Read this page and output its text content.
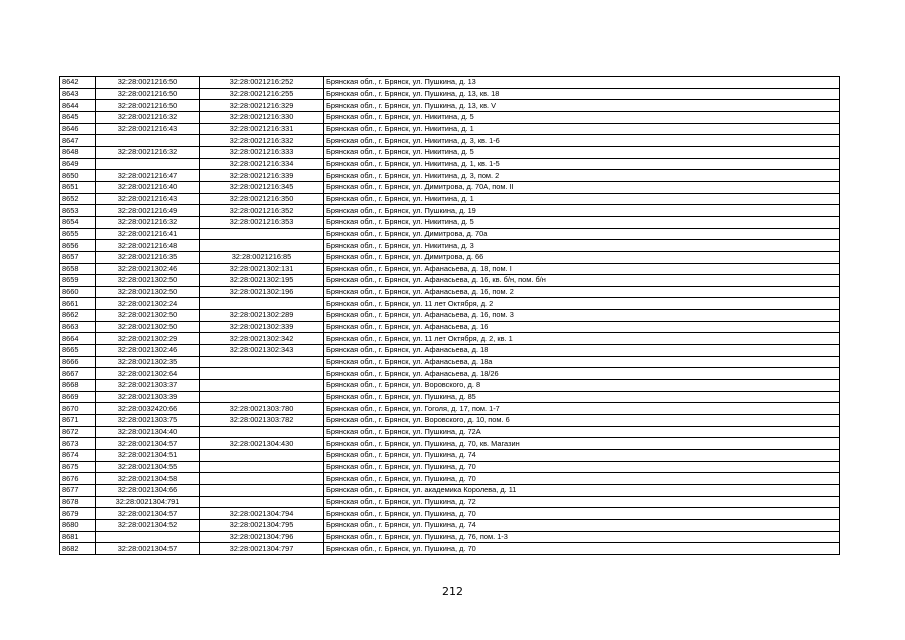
8642	32:28:0021216:50	32:28:0021216:252	Брянская обл., г. Брянск, ул. Пушкина, д. 13
8643	32:28:0021216:50	32:28:0021216:255	Брянская обл., г. Брянск, ул. Пушкина, д. 13, кв. 18
8644	32:28:0021216:50	32:28:0021216:329	Брянская обл., г. Брянск, ул. Пушкина, д. 13, кв. V
8645	32:28:0021216:32	32:28:0021216:330	Брянская обл., г. Брянск, ул. Никитина, д. 5
8646	32:28:0021216:43	32:28:0021216:331	Брянская обл., г. Брянск, ул. Никитина, д. 1
8647		32:28:0021216:332	Брянская обл., г. Брянск, ул. Никитина, д. 3, кв. 1-6
8648	32:28:0021216:32	32:28:0021216:333	Брянская обл., г. Брянск, ул. Никитина, д. 5
8649		32:28:0021216:334	Брянская обл., г. Брянск, ул. Никитина, д. 1, кв. 1-5
8650	32:28:0021216:47	32:28:0021216:339	Брянская обл., г. Брянск, ул. Никитина, д. 3, пом. 2
8651	32:28:0021216:40	32:28:0021216:345	Брянская обл., г. Брянск, ул. Димитрова, д. 70А, пом. II
8652	32:28:0021216:43	32:28:0021216:350	Брянская обл., г. Брянск, ул. Никитина, д. 1
8653	32:28:0021216:49	32:28:0021216:352	Брянская обл., г. Брянск, ул. Пушкина, д. 19
8654	32:28:0021216:32	32:28:0021216:353	Брянская обл., г. Брянск, ул. Никитина, д. 5
8655	32:28:0021216:41		Брянская обл., г. Брянск, ул. Димитрова, д. 70а
8656	32:28:0021216:48		Брянская обл., г. Брянск, ул. Никитина, д. 3
8657	32:28:0021216:35	32:28:0021216:85	Брянская обл., г. Брянск, ул. Димитрова, д. 66
8658	32:28:0021302:46	32:28:0021302:131	Брянская обл., г. Брянск, ул. Афанасьева, д. 18, пом. I
8659	32:28:0021302:50	32:28:0021302:195	Брянская обл., г. Брянск, ул. Афанасьева, д. 16, кв. б/н, пом. б/н
8660	32:28:0021302:50	32:28:0021302:196	Брянская обл., г. Брянск, ул. Афанасьева, д. 16, пом. 2
8661	32:28:0021302:24		Брянская обл., г. Брянск, ул. 11 лет Октября, д. 2
8662	32:28:0021302:50	32:28:0021302:289	Брянская обл., г. Брянск, ул. Афанасьева, д. 16, пом. 3
8663	32:28:0021302:50	32:28:0021302:339	Брянская обл., г. Брянск, ул. Афанасьева, д. 16
8664	32:28:0021302:29	32:28:0021302:342	Брянская обл., г. Брянск, ул. 11 лет Октября, д. 2, кв. 1
8665	32:28:0021302:46	32:28:0021302:343	Брянская обл., г. Брянск, ул. Афанасьева, д. 18
8666	32:28:0021302:35		Брянская обл., г. Брянск, ул. Афанасьева, д. 18а
8667	32:28:0021302:64		Брянская обл., г. Брянск, ул. Афанасьева, д. 18/26
8668	32:28:0021303:37		Брянская обл., г. Брянск, ул. Воровского, д. 8
8669	32:28:0021303:39		Брянская обл., г. Брянск, ул. Пушкина, д. 85
8670	32:28:0032420:66	32:28:0021303:780	Брянская обл., г. Брянск, ул. Гоголя, д. 17, пом. 1-7
8671	32:28:0021303:75	32:28:0021303:782	Брянская обл., г. Брянск, ул. Воровского, д. 10, пом. 6
8672	32:28:0021304:40		Брянская обл., г. Брянск, ул. Пушкина, д. 72А
8673	32:28:0021304:57	32:28:0021304:430	Брянская обл., г. Брянск, ул. Пушкина, д. 70, кв. Магазин
8674	32:28:0021304:51		Брянская обл., г. Брянск, ул. Пушкина, д. 74
8675	32:28:0021304:55		Брянская обл., г. Брянск, ул. Пушкина, д. 70
8676	32:28:0021304:58		Брянская обл., г. Брянск, ул. Пушкина, д. 70
8677	32:28:0021304:66		Брянская обл., г. Брянск, ул. академика Королева, д. 11
8678	32:28:0021304:791		Брянская обл., г. Брянск, ул. Пушкина, д. 72
8679	32:28:0021304:57	32:28:0021304:794	Брянская обл., г. Брянск, ул. Пушкина, д. 70
8680	32:28:0021304:52	32:28:0021304:795	Брянская обл., г. Брянск, ул. Пушкина, д. 74
8681		32:28:0021304:796	Брянская обл., г. Брянск, ул. Пушкина, д. 76, пом. 1-3
8682	32:28:0021304:57	32:28:0021304:797	Брянская обл., г. Брянск, ул. Пушкина, д. 70
212
